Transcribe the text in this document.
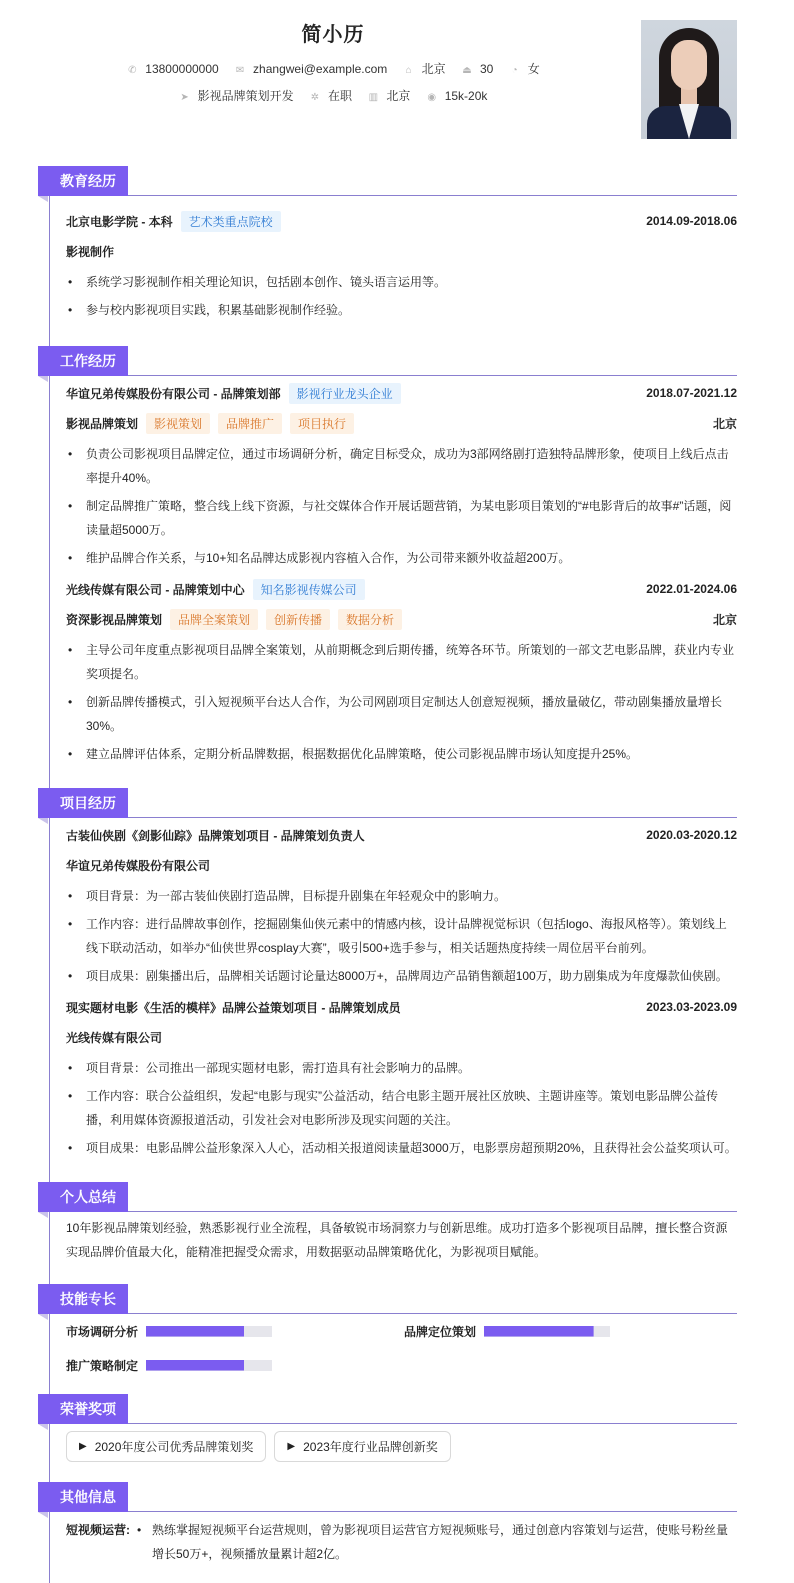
简小历
✆ 13800000000 ✉ zhangwei@example.com ⌂ 北京 ⏏ 30 ◔ 女
➤ 影视品牌策划开发 ✲ 在职 ▥ 北京 ◉ 15k-20k
教育经历
北京电影学院 - 本科	艺术类重点院校	2014.09-2018.06
影视制作
• 系统学习影视制作相关理论知识，包括剧本创作、镜头语言运用等。
• 参与校内影视项目实践，积累基础影视制作经验。
工作经历
华谊兄弟传媒股份有限公司 - 品牌策划部	影视行业龙头企业	2018.07-2021.12
影视品牌策划	影视策划	品牌推广	项目执行	北京
• 负责公司影视项目品牌定位，通过市场调研分析，确定目标受众，成功为3部网络剧打造独特品牌形象，使项目上线后点击率提升40%。
• 制定品牌推广策略，整合线上线下资源，与社交媒体合作开展话题营销，为某电影项目策划的“#电影背后的故事#”话题，阅读量超5000万。
• 维护品牌合作关系，与10+知名品牌达成影视内容植入合作，为公司带来额外收益超200万。
光线传媒有限公司 - 品牌策划中心	知名影视传媒公司	2022.01-2024.06
资深影视品牌策划	品牌全案策划	创新传播	数据分析	北京
• 主导公司年度重点影视项目品牌全案策划，从前期概念到后期传播，统筹各环节。所策划的一部文艺电影品牌，获业内专业奖项提名。
• 创新品牌传播模式，引入短视频平台达人合作，为公司网剧项目定制达人创意短视频，播放量破亿，带动剧集播放量增长30%。
• 建立品牌评估体系，定期分析品牌数据，根据数据优化品牌策略，使公司影视品牌市场认知度提升25%。
项目经历
古装仙侠剧《剑影仙踪》品牌策划项目 - 品牌策划负责人	2020.03-2020.12
华谊兄弟传媒股份有限公司
• 项目背景：为一部古装仙侠剧打造品牌，目标提升剧集在年轻观众中的影响力。
• 工作内容：进行品牌故事创作，挖掘剧集仙侠元素中的情感内核，设计品牌视觉标识（包括logo、海报风格等）。策划线上线下联动活动，如举办“仙侠世界cosplay大赛”，吸引500+选手参与，相关话题热度持续一周位居平台前列。
• 项目成果：剧集播出后，品牌相关话题讨论量达8000万+，品牌周边产品销售额超100万，助力剧集成为年度爆款仙侠剧。
现实题材电影《生活的模样》品牌公益策划项目 - 品牌策划成员	2023.03-2023.09
光线传媒有限公司
• 项目背景：公司推出一部现实题材电影，需打造具有社会影响力的品牌。
• 工作内容：联合公益组织，发起“电影与现实”公益活动，结合电影主题开展社区放映、主题讲座等。策划电影品牌公益传播，利用媒体资源报道活动，引发社会对电影所涉及现实问题的关注。
• 项目成果：电影品牌公益形象深入人心，活动相关报道阅读量超3000万，电影票房超预期20%，且获得社会公益奖项认可。
个人总结

10年影视品牌策划经验，熟悉影视行业全流程，具备敏锐市场洞察力与创新思维。成功打造多个影视项目品牌，擅长整合资源实现品牌价值最大化，能精准把握受众需求，用数据驱动品牌策略优化，为影视项目赋能。

技能专长
市场调研分析	品牌定位策划
推广策略制定
荣誉奖项
▶ 2020年度公司优秀品牌策划奖	▶ 2023年度行业品牌创新奖
其他信息
短视频运营:	• 熟练掌握短视频平台运营规则，曾为影视项目运营官方短视频账号，通过创意内容策划与运营，使账号粉丝量增长50万+，视频播放量累计超2亿。
